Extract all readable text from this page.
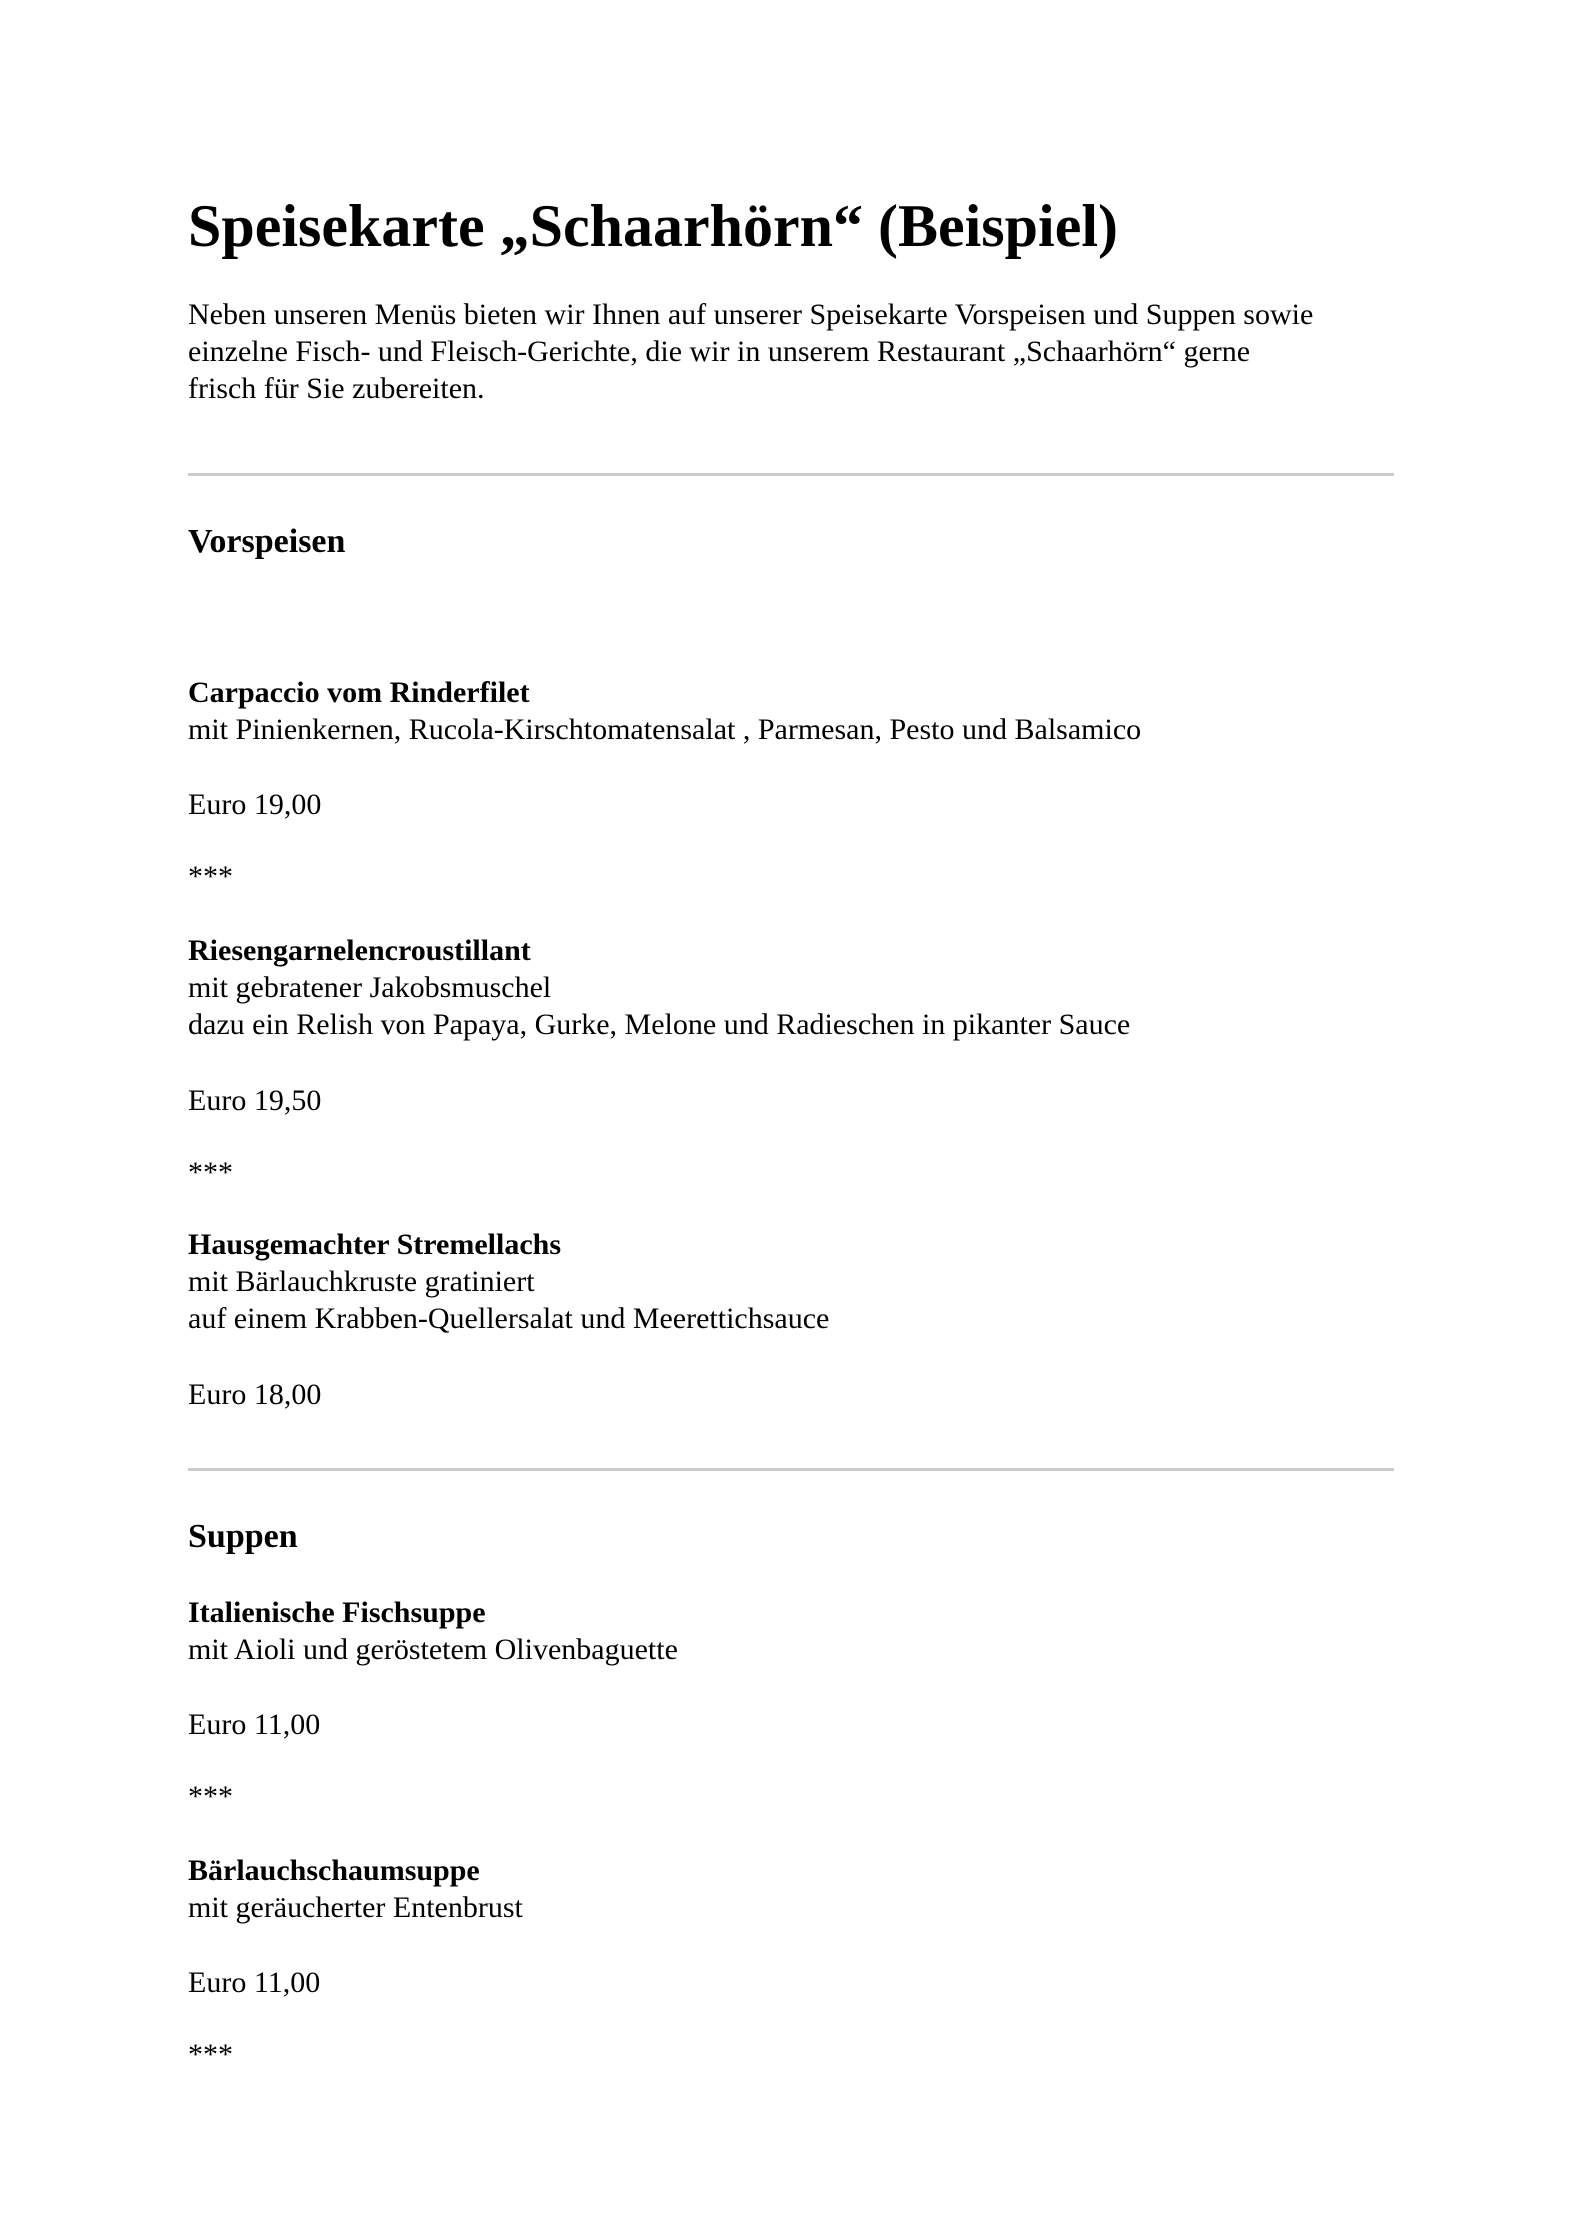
Speisekarte „Schaarhörn“ (Beispiel)

Neben unseren Menüs bieten wir Ihnen auf unserer Speisekarte Vorspeisen und Suppen sowie
einzelne Fisch- und Fleisch-Gerichte, die wir in unserem Restaurant „Schaarhörn“ gerne
frisch für Sie zubereiten.

Vorspeisen
Carpaccio vom Rinderfilet
mit Pinienkernen, Rucola-Kirschtomatensalat , Parmesan, Pesto und Balsamico
Euro 19,00
***
Riesengarnelencroustillant
mit gebratener Jakobsmuschel
dazu ein Relish von Papaya, Gurke, Melone und Radieschen in pikanter Sauce
Euro 19,50
***
Hausgemachter Stremellachs
mit Bärlauchkruste gratiniert
auf einem Krabben-Quellersalat und Meerettichsauce
Euro 18,00
Suppen
Italienische Fischsuppe
mit Aioli und geröstetem Olivenbaguette
Euro 11,00
***
Bärlauchschaumsuppe
mit geräucherter Entenbrust
Euro 11,00
***
